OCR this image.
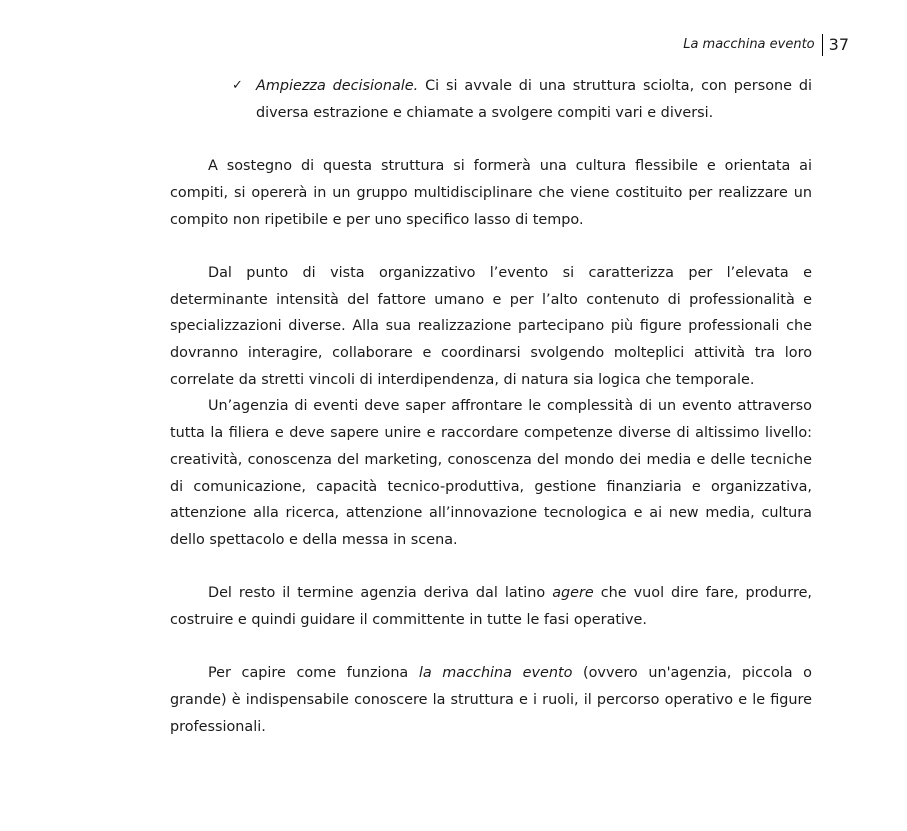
La macchina evento 37

✓ Ampiezza decisionale. Ci si avvale di una struttura sciolta, con persone di diversa estrazione e chiamate a svolgere compiti vari e diversi.

A sostegno di questa struttura si formerà una cultura flessibile e orientata ai compiti, si opererà in un gruppo multidisciplinare che viene costituito per realizzare un compito non ripetibile e per uno specifico lasso di tempo.

Dal punto di vista organizzativo l’evento si caratterizza per l’elevata e determinante intensità del fattore umano e per l’alto contenuto di professionalità e specializzazioni diverse. Alla sua realizzazione partecipano più figure professionali che dovranno interagire, collaborare e coordinarsi svolgendo molteplici attività tra loro correlate da stretti vincoli di interdipendenza, di natura sia logica che temporale.

Un’agenzia di eventi deve saper affrontare le complessità di un evento attraverso tutta la filiera e deve sapere unire e raccordare competenze diverse di altissimo livello: creatività, conoscenza del marketing, conoscenza del mondo dei media e delle tecniche di comunicazione, capacità tecnico-produttiva, gestione finanziaria e organizzativa, attenzione alla ricerca, attenzione all’innovazione tecnologica e ai new media, cultura dello spettacolo e della messa in scena.

Del resto il termine agenzia deriva dal latino agere che vuol dire fare, produrre, costruire e quindi guidare il committente in tutte le fasi operative.

Per capire come funziona la macchina evento (ovvero un'agenzia, piccola o grande) è indispensabile conoscere la struttura e i ruoli, il percorso operativo e le figure professionali.
